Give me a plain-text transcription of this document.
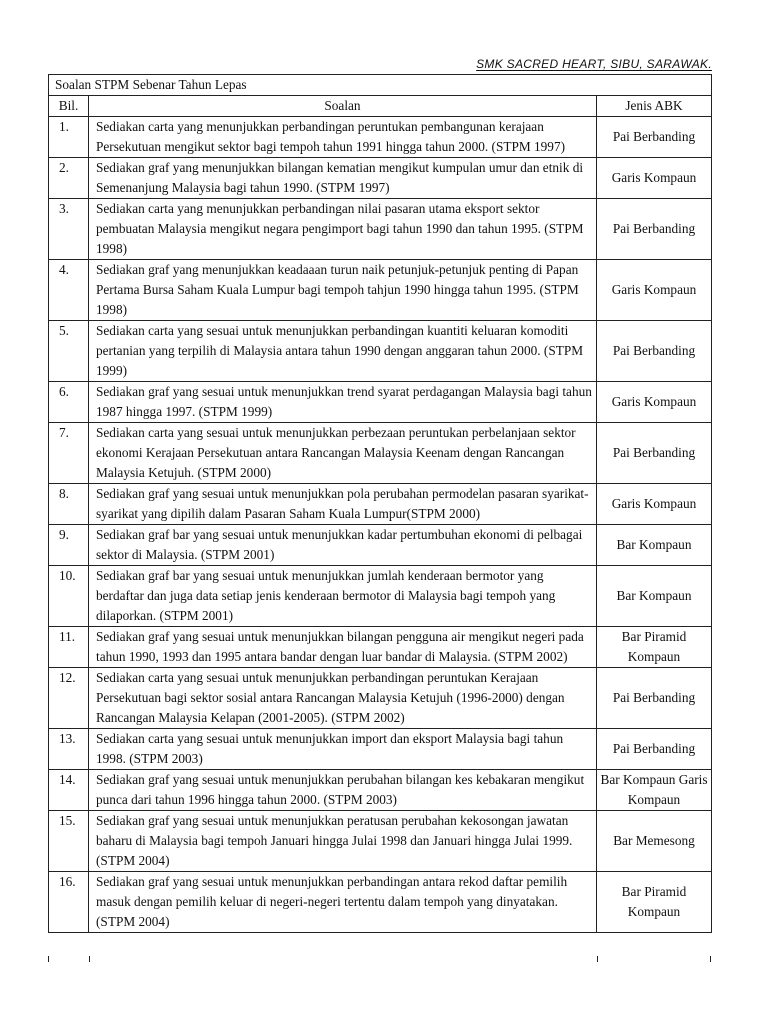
SMK SACRED HEART, SIBU, SARAWAK.
Soalan STPM Sebenar Tahun Lepas		
Bil.	Soalan	Jenis ABK
1.	Sediakan carta yang menunjukkan perbandingan peruntukan pembangunan kerajaan Persekutuan mengikut sektor bagi tempoh tahun 1991 hingga tahun 2000. (STPM 1997)	Pai Berbanding
2.	Sediakan graf yang menunjukkan bilangan kematian mengikut kumpulan umur dan etnik di Semenanjung Malaysia bagi tahun 1990. (STPM 1997)	Garis Kompaun
3.	Sediakan carta yang menunjukkan perbandingan nilai pasaran utama eksport sektor pembuatan Malaysia mengikut negara pengimport bagi tahun 1990 dan tahun 1995. (STPM 1998)	Pai Berbanding
4.	Sediakan graf yang menunjukkan keadaaan turun naik petunjuk-petunjuk penting di Papan Pertama Bursa Saham Kuala Lumpur bagi tempoh tahjun 1990 hingga tahun 1995. (STPM 1998)	Garis Kompaun
5.	Sediakan carta yang sesuai untuk menunjukkan perbandingan kuantiti keluaran komoditi pertanian yang terpilih di Malaysia antara tahun 1990 dengan anggaran tahun 2000. (STPM 1999)	Pai Berbanding
6.	Sediakan graf yang sesuai untuk menunjukkan trend syarat perdagangan Malaysia bagi tahun 1987 hingga 1997. (STPM 1999)	Garis Kompaun
7.	Sediakan carta yang sesuai untuk menunjukkan perbezaan peruntukan perbelanjaan sektor ekonomi Kerajaan Persekutuan antara Rancangan Malaysia Keenam dengan Rancangan Malaysia Ketujuh. (STPM 2000)	Pai Berbanding
8.	Sediakan graf yang sesuai untuk menunjukkan pola perubahan permodelan pasaran syarikat-syarikat yang dipilih dalam Pasaran Saham Kuala Lumpur(STPM 2000)	Garis Kompaun
9.	Sediakan graf bar yang sesuai untuk menunjukkan kadar pertumbuhan ekonomi di pelbagai sektor di Malaysia. (STPM 2001)	Bar Kompaun
10.	Sediakan graf bar yang sesuai untuk menunjukkan jumlah kenderaan bermotor yang berdaftar dan juga data setiap jenis kenderaan bermotor di Malaysia bagi tempoh yang dilaporkan. (STPM 2001)	Bar Kompaun
11.	Sediakan graf yang sesuai untuk menunjukkan bilangan pengguna air mengikut negeri pada tahun 1990, 1993 dan 1995 antara bandar dengan luar bandar di Malaysia. (STPM 2002)	Bar Piramid Kompaun
12.	Sediakan carta yang sesuai untuk menunjukkan perbandingan peruntukan Kerajaan Persekutuan bagi sektor sosial antara Rancangan Malaysia Ketujuh (1996-2000) dengan Rancangan Malaysia Kelapan (2001-2005). (STPM 2002)	Pai Berbanding
13.	Sediakan carta yang sesuai untuk menunjukkan import dan eksport Malaysia bagi tahun 1998. (STPM 2003)	Pai Berbanding
14.	Sediakan graf yang sesuai untuk menunjukkan perubahan bilangan kes kebakaran mengikut punca dari tahun 1996 hingga tahun 2000. (STPM 2003)	Bar Kompaun Garis Kompaun
15.	Sediakan graf yang sesuai untuk menunjukkan peratusan perubahan kekosongan jawatan baharu di Malaysia bagi tempoh Januari hingga Julai 1998 dan Januari hingga Julai 1999. (STPM 2004)	Bar Memesong
16.	Sediakan graf yang sesuai untuk menunjukkan perbandingan antara rekod daftar pemilih masuk dengan pemilih keluar di negeri-negeri tertentu dalam tempoh yang dinyatakan. (STPM 2004)	Bar Piramid Kompaun
